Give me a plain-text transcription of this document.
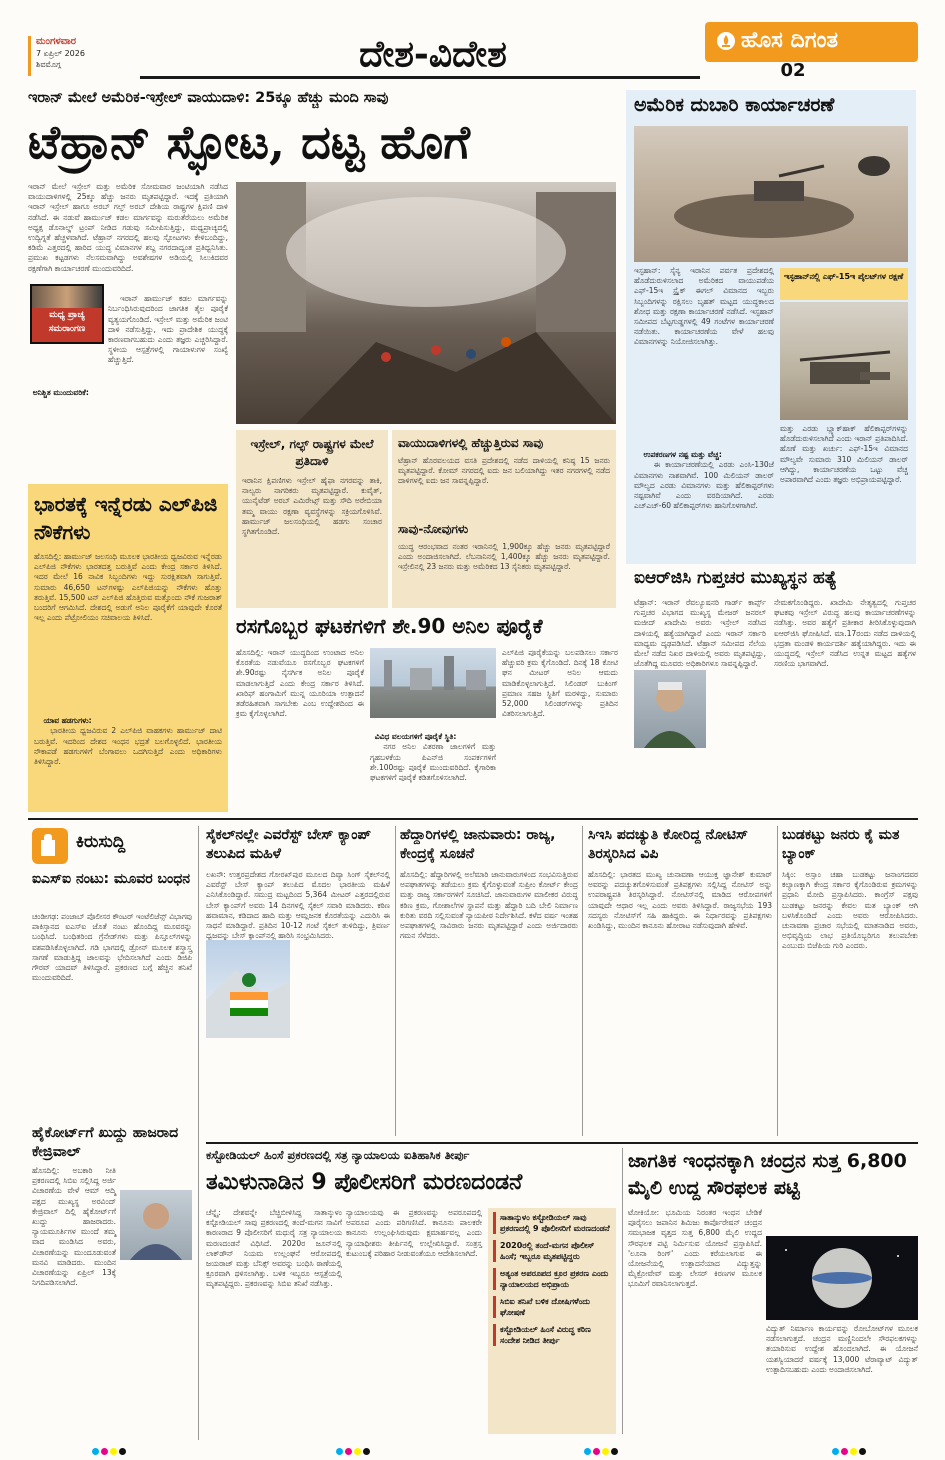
ಮಂಗಳವಾರ
7 ಏಪ್ರಿಲ್ 2026
ಶಿವಮೊಗ್ಗ	ದೇಶ-ವಿದೇಶ	ಹೊಸ ದಿಗಂತ
02
ಇರಾನ್ ಮೇಲೆ ಅಮೆರಿಕ-ಇಸ್ರೇಲ್ ವಾಯುದಾಳಿ: 25ಕ್ಕೂ ಹೆಚ್ಚು ಮಂದಿ ಸಾವು
ಟೆಹ್ರಾನ್ ಸ್ಫೋಟ, ದಟ್ಟ ಹೊಗೆ
ಇರಾನ್ ಮೇಲೆ ಇಸ್ರೇಲ್ ಮತ್ತು ಅಮೆರಿಕ ಸೋಮವಾರ ಜಂಟಿಯಾಗಿ ನಡೆಸಿದ ವಾಯುದಾಳಿಗಳಲ್ಲಿ 25ಕ್ಕೂ ಹೆಚ್ಚು ಜನರು ಮೃತಪಟ್ಟಿದ್ದಾರೆ. ಇದಕ್ಕೆ ಪ್ರತಿಯಾಗಿ ಇರಾನ್ ಇಸ್ರೇಲ್ ಹಾಗೂ ಅರಬ್ ಗಲ್ಫ್ ಅರಬ್ ದೇಶಿಯ ರಾಷ್ಟ್ರಗಳ ಕ್ಷಿಪಣಿ ದಾಳಿ ನಡೆಸಿದೆ. ಈ ನಡುವೆ ಹಾರ್ಮುಜ್ ಕಡಲ ಮಾರ್ಗವನ್ನು ಮರುತೆರೆಯಲು ಅಮೆರಿಕ ಅಧ್ಯಕ್ಷ ಡೊನಾಲ್ಡ್ ಟ್ರಂಪ್ ನೀಡಿದ ಗಡುವು ಸಮೀಪಿಸುತ್ತಿದ್ದು, ಮಧ್ಯಪ್ರಾಚ್ಯದಲ್ಲಿ ಉದ್ವಿಗ್ನತೆ ಹೆಚ್ಚಳವಾಗಿದೆ. ಟೆಹ್ರಾನ್ ನಗರದಲ್ಲಿ ಹಲವು ಸ್ಫೋಟಗಳು ಕೇಳಿಬಂದಿದ್ದು, ಕಡಿಮೆ ಎತ್ತರದಲ್ಲಿ ಹಾರಿದ ಯುದ್ಧ ವಿಮಾನಗಳ ಶಬ್ದ ನಗರದಾದ್ಯಂತ ಪ್ರತಿಧ್ವನಿಸಿತು. ಪ್ರಮುಖ ಕಟ್ಟಡಗಳು ನೆಲಸಮವಾಗಿದ್ದು ಅವಶೇಷಗಳ ಅಡಿಯಲ್ಲಿ ಸಿಲುಕಿದವರ ರಕ್ಷಣೆಗಾಗಿ ಕಾರ್ಯಾಚರಣೆ ಮುಂದುವರಿದಿದೆ.
ಮಧ್ಯ ಪ್ರಾಚ್ಯ
ಸಮರಾಂಗಣ

ಇರಾನ್ ಹಾರ್ಮುಜ್ ಕಡಲ ಮಾರ್ಗವನ್ನು ನಿರ್ಬಂಧಿಸಿರುವುದರಿಂದ ಜಾಗತಿಕ ತೈಲ ಪೂರೈಕೆ ವ್ಯತ್ಯಯಗೊಂಡಿದೆ. ಇಸ್ರೇಲ್ ಮತ್ತು ಅಮೆರಿಕ ಜಂಟಿ ದಾಳಿ ನಡೆಸುತ್ತಿದ್ದು, ಇದು ಪ್ರಾದೇಶಿಕ ಯುದ್ಧಕ್ಕೆ ಕಾರಣವಾಗಬಹುದು ಎಂದು ತಜ್ಞರು ಎಚ್ಚರಿಸಿದ್ದಾರೆ. ಸ್ಥಳೀಯ ಆಸ್ಪತ್ರೆಗಳಲ್ಲಿ ಗಾಯಾಳುಗಳ ಸಂಖ್ಯೆ ಹೆಚ್ಚುತ್ತಿದೆ.

ಅನಿಶ್ಚಿತ ಮುಂದುವರಿಕೆ:

ಭಾರತಕ್ಕೆ ಇನ್ನೆರಡು ಎಲ್‌ಪಿಜಿ ನೌಕೆಗಳು
ಹೊಸದಿಲ್ಲಿ: ಹಾರ್ಮುಜ್ ಜಲಸಂಧಿ ಮೂಲಕ ಭಾರತೀಯ ಧ್ವಜವಿರುವ ಇನ್ನೆರಡು ಎಲ್‌ಪಿಜಿ ನೌಕೆಗಳು ಭಾರತದತ್ತ ಬರುತ್ತಿವೆ ಎಂದು ಕೇಂದ್ರ ಸರ್ಕಾರ ತಿಳಿಸಿದೆ. ಇದರ ಮೇಲೆ 16 ನಾವಿಕ ಸಿಬ್ಬಂದಿಗಳು ಇದ್ದು ಸುರಕ್ಷಿತವಾಗಿ ಸಾಗುತ್ತಿವೆ. ಸುಮಾರು 46,650 ಟನ್‌ಗಳಷ್ಟು ಎಲ್‌ಪಿಜಿಯನ್ನು ನೌಕೆಗಳು ಹೊತ್ತು ತರುತ್ತಿವೆ. 15,500 ಟನ್ ಎಲ್‌ಪಿಜಿ ಹೊತ್ತಿರುವ ಮತ್ತೊಂದು ನೌಕೆ ಗುಜರಾತ್ ಬಂದರಿಗೆ ಆಗಮಿಸಿದೆ. ದೇಶದಲ್ಲಿ ಅಡುಗೆ ಅನಿಲ ಪೂರೈಕೆಗೆ ಯಾವುದೇ ಕೊರತೆ ಇಲ್ಲ ಎಂದು ಪೆಟ್ರೋಲಿಯಂ ಸಚಿವಾಲಯ ತಿಳಿಸಿದೆ.

ಯಾವ ಹಡಗುಗಳು:
ಭಾರತೀಯ ಧ್ವಜವಿರುವ 2 ಎಲ್‌ಪಿಜಿ ವಾಹಕಗಳು ಹಾರ್ಮುಜ್ ದಾಟಿ ಬರುತ್ತಿವೆ. ಇದರಿಂದ ದೇಶದ ಇಂಧನ ಭದ್ರತೆ ಬಲಗೊಳ್ಳಲಿದೆ. ಭಾರತೀಯ ನೌಕಾಪಡೆ ಹಡಗುಗಳಿಗೆ ಬೆಂಗಾವಲು ಒದಗಿಸುತ್ತಿದೆ ಎಂದು ಅಧಿಕಾರಿಗಳು ತಿಳಿಸಿದ್ದಾರೆ.

ಇಸ್ರೇಲ್, ಗಲ್ಫ್ ರಾಷ್ಟ್ರಗಳ ಮೇಲೆ ಪ್ರತಿದಾಳಿ
ಇರಾನಿನ ಕ್ಷಿಪಣಿಗಳು ಇಸ್ರೇಲ್ ಹೈಫಾ ನಗರವನ್ನು ತಾಕಿ, ನಾಲ್ವರು ನಾಗರಿಕರು ಮೃತಪಟ್ಟಿದ್ದಾರೆ. ಕುವೈತ್, ಯುನೈಟೆಡ್ ಅರಬ್ ಎಮಿರೇಟ್ಸ್ ಮತ್ತು ಸೌದಿ ಅರೇಬಿಯಾ ತಮ್ಮ ವಾಯು ರಕ್ಷಣಾ ವ್ಯವಸ್ಥೆಗಳನ್ನು ಸಕ್ರಿಯಗೊಳಿಸಿವೆ. ಹಾರ್ಮುಜ್ ಜಲಸಂಧಿಯಲ್ಲಿ ಹಡಗು ಸಂಚಾರ ಸ್ಥಗಿತಗೊಂಡಿದೆ.
ವಾಯುದಾಳಿಗಳಲ್ಲಿ ಹೆಚ್ಚುತ್ತಿರುವ ಸಾವು
ಟೆಹ್ರಾನ್ ಹೊರವಲಯದ ವಸತಿ ಪ್ರದೇಶದಲ್ಲಿ ನಡೆದ ದಾಳಿಯಲ್ಲಿ ಕನಿಷ್ಠ 15 ಜನರು ಮೃತಪಟ್ಟಿದ್ದಾರೆ. ಕೋಮ್ ನಗರದಲ್ಲಿ ಐದು ಜನ ಬಲಿಯಾಗಿದ್ದು ಇತರ ನಗರಗಳಲ್ಲಿ ನಡೆದ ದಾಳಿಗಳಲ್ಲಿ ಐದು ಜನ ಸಾವನ್ನಪ್ಪಿದ್ದಾರೆ.
ಸಾವು-ನೋವುಗಳು
ಯುದ್ಧ ಆರಂಭವಾದ ನಂತರ ಇರಾನಿನಲ್ಲಿ 1,900ಕ್ಕೂ ಹೆಚ್ಚು ಜನರು ಮೃತಪಟ್ಟಿದ್ದಾರೆ ಎಂದು ಅಂದಾಜಿಸಲಾಗಿದೆ. ಲೆಬನಾನಿನಲ್ಲಿ 1,400ಕ್ಕೂ ಹೆಚ್ಚು ಜನರು ಮೃತಪಟ್ಟಿದ್ದಾರೆ. ಇಸ್ರೇಲಿನಲ್ಲಿ 23 ಜನರು ಮತ್ತು ಅಮೆರಿಕದ 13 ಸೈನಿಕರು ಮೃತಪಟ್ಟಿದ್ದಾರೆ.
ರಸಗೊಬ್ಬರ ಘಟಕಗಳಿಗೆ ಶೇ.90 ಅನಿಲ ಪೂರೈಕೆ
ಹೊಸದಿಲ್ಲಿ: ಇರಾನ್ ಯುದ್ಧದಿಂದ ಉಂಟಾದ ಅನಿಲ ಕೊರತೆಯ ನಡುವೆಯೂ ರಸಗೊಬ್ಬರ ಘಟಕಗಳಿಗೆ ಶೇ.90ರಷ್ಟು ನೈಸರ್ಗಿಕ ಅನಿಲ ಪೂರೈಕೆ ಮಾಡಲಾಗುತ್ತಿದೆ ಎಂದು ಕೇಂದ್ರ ಸರ್ಕಾರ ತಿಳಿಸಿದೆ. ಖಾರಿಫ್ ಹಂಗಾಮಿಗೆ ಮುನ್ನ ಯೂರಿಯಾ ಉತ್ಪಾದನೆ ತಡೆರಹಿತವಾಗಿ ಸಾಗಬೇಕು ಎಂಬ ಉದ್ದೇಶದಿಂದ ಈ ಕ್ರಮ ಕೈಗೊಳ್ಳಲಾಗಿದೆ.

ವಿವಿಧ ವಲಯಗಳಿಗೆ ಪೂರೈಕೆ ಸ್ಥಿತಿ:
ನಗರ ಅನಿಲ ವಿತರಣಾ ಜಾಲಗಳಿಗೆ ಮತ್ತು ಗೃಹಬಳಕೆಯ ಪಿಎನ್‌ಜಿ ಸಂಪರ್ಕಗಳಿಗೆ ಶೇ.100ರಷ್ಟು ಪೂರೈಕೆ ಮುಂದುವರಿದಿದೆ. ಕೈಗಾರಿಕಾ ಘಟಕಗಳಿಗೆ ಪೂರೈಕೆ ಕಡಿತಗೊಳಿಸಲಾಗಿದೆ.

ಎಲ್‌ಪಿಜಿ ಪೂರೈಕೆಯನ್ನು ಬಲಪಡಿಸಲು ಸರ್ಕಾರ ಹೆಚ್ಚುವರಿ ಕ್ರಮ ಕೈಗೊಂಡಿದೆ. ದಿನಕ್ಕೆ 18 ಕೋಟಿ ಘನ ಮೀಟರ್ ಅನಿಲ ಆಮದು ಮಾಡಿಕೊಳ್ಳಲಾಗುತ್ತಿದೆ. ಸಿಲಿಂಡರ್ ಬುಕಿಂಗ್ ಪ್ರಮಾಣ ಸಹಜ ಸ್ಥಿತಿಗೆ ಮರಳಿದ್ದು, ಸುಮಾರು 52,000 ಸಿಲಿಂಡರ್‌ಗಳನ್ನು ಪ್ರತಿದಿನ ವಿತರಿಸಲಾಗುತ್ತಿದೆ.
ಅಮೆರಿಕ ದುಬಾರಿ ಕಾರ್ಯಾಚರಣೆ
ಇಸ್ಫಹಾನ್: ಸೈನ್ಯ ಇರಾನಿನ ಪರ್ವತ ಪ್ರದೇಶದಲ್ಲಿ ಹೊಡೆದುರುಳಿಸಲಾದ ಅಮೆರಿಕದ ವಾಯುಪಡೆಯ ಎಫ್-15ಇ ಸ್ಟ್ರೈಕ್ ಈಗಲ್ ವಿಮಾನದ ಇಬ್ಬರು ಸಿಬ್ಬಂದಿಗಳನ್ನು ರಕ್ಷಿಸಲು ಬೃಹತ್ ಮಟ್ಟದ ಯುದ್ಧಕಾಲದ ಶೋಧ ಮತ್ತು ರಕ್ಷಣಾ ಕಾರ್ಯಾಚರಣೆ ನಡೆಸಿದೆ. ಇಸ್ಫಹಾನ್ ಸಮೀಪದ ಬೆಟ್ಟಗುಡ್ಡಗಳಲ್ಲಿ 49 ಗಂಟೆಗಳ ಕಾರ್ಯಾಚರಣೆ ನಡೆಯಿತು. ಕಾರ್ಯಾಚರಣೆಯ ವೇಳೆ ಹಲವು ವಿಮಾನಗಳನ್ನು ನಿಯೋಜಿಸಲಾಗಿತ್ತು.
ಇಸ್ಫಹಾನ್‌ನಲ್ಲಿ ಎಫ್-15ಇ ಪೈಲಟ್‌ಗಳ ರಕ್ಷಣೆ

ಉಪಕರಣಗಳ ನಷ್ಟ ಮತ್ತು ವೆಚ್ಚ:
ಈ ಕಾರ್ಯಾಚರಣೆಯಲ್ಲಿ ಎರಡು ಎಂಸಿ-130ಜೆ ವಿಮಾನಗಳು ನಾಶವಾಗಿವೆ. 100 ಮಿಲಿಯನ್ ಡಾಲರ್ ಮೌಲ್ಯದ ಎರಡು ವಿಮಾನಗಳು ಮತ್ತು ಹೆಲಿಕಾಪ್ಟರ್‌ಗಳು ನಷ್ಟವಾಗಿವೆ ಎಂದು ವರದಿಯಾಗಿದೆ. ಎರಡು ಎಚ್‌ಎಚ್-60 ಹೆಲಿಕಾಪ್ಟರ್‌ಗಳು ಹಾನಿಗೊಳಗಾಗಿವೆ.

ಮತ್ತು ಎರಡು ಬ್ಲ್ಯಾಕ್‌ಹಾಕ್ ಹೆಲಿಕಾಪ್ಟರ್‌ಗಳನ್ನು ಹೊಡೆದುರುಳಿಸಲಾಗಿದೆ ಎಂದು ಇರಾನ್ ಪ್ರತಿಪಾದಿಸಿದೆ. ಹೊಣೆ ಮತ್ತು ಖರ್ಚು: ಎಫ್-15ಇ ವಿಮಾನದ ಮೌಲ್ಯವೇ ಸುಮಾರು 310 ಮಿಲಿಯನ್ ಡಾಲರ್ ಆಗಿದ್ದು, ಕಾರ್ಯಾಚರಣೆಯ ಒಟ್ಟು ವೆಚ್ಚ ಅಪಾರವಾಗಿದೆ ಎಂದು ತಜ್ಞರು ಅಭಿಪ್ರಾಯಪಟ್ಟಿದ್ದಾರೆ.
ಐಆರ್‌ಜಿಸಿ ಗುಪ್ತಚರ ಮುಖ್ಯಸ್ಥನ ಹತ್ಯೆ
ಟೆಹ್ರಾನ್: ಇರಾನ್ ರೆವಲ್ಯೂಷನರಿ ಗಾರ್ಡ್ ಕಾರ್ಪ್ಸ್ ಗುಪ್ತಚರ ವಿಭಾಗದ ಮುಖ್ಯಸ್ಥ ಮೇಜರ್ ಜನರಲ್ ಮಜೀದ್ ಖಾದೇಮಿ ಅವರು ಇಸ್ರೇಲ್ ನಡೆಸಿದ ದಾಳಿಯಲ್ಲಿ ಹತ್ಯೆಯಾಗಿದ್ದಾರೆ ಎಂದು ಇರಾನ್ ಸರ್ಕಾರಿ ಮಾಧ್ಯಮ ದೃಢಪಡಿಸಿದೆ. ಟೆಹ್ರಾನ್ ಸಮೀಪದ ನೆಲೆಯ ಮೇಲೆ ನಡೆದ ನಿಖರ ದಾಳಿಯಲ್ಲಿ ಅವರು ಮೃತಪಟ್ಟಿದ್ದು, ಜೊತೆಗಿದ್ದ ಮೂವರು ಅಧಿಕಾರಿಗಳೂ ಸಾವನ್ನಪ್ಪಿದ್ದಾರೆ.
ನೇಮಕಗೊಂಡಿದ್ದರು. ಖಾದೇಮಿ ನೇತೃತ್ವದಲ್ಲಿ ಗುಪ್ತಚರ ಘಟಕವು ಇಸ್ರೇಲ್ ವಿರುದ್ಧ ಹಲವು ಕಾರ್ಯಾಚರಣೆಗಳನ್ನು ನಡೆಸಿತ್ತು. ಅವರ ಹತ್ಯೆಗೆ ಪ್ರತೀಕಾರ ತೀರಿಸಿಕೊಳ್ಳುವುದಾಗಿ ಐಆರ್‌ಜಿಸಿ ಘೋಷಿಸಿದೆ. ಮಾ.17ರಂದು ನಡೆದ ದಾಳಿಯಲ್ಲಿ ಭದ್ರತಾ ಮಂಡಳಿ ಕಾರ್ಯದರ್ಶಿ ಹತ್ಯೆಯಾಗಿದ್ದರು. ಇದು ಈ ಯುದ್ಧದಲ್ಲಿ ಇಸ್ರೇಲ್ ನಡೆಸಿದ ಉನ್ನತ ಮಟ್ಟದ ಹತ್ಯೆಗಳ ಸರಣಿಯ ಭಾಗವಾಗಿದೆ.
ಕಿರುಸುದ್ದಿ
ಐಎಸ್‌ಐ ನಂಟು: ಮೂವರ ಬಂಧನ
ಚಂಡೀಗಢ: ಪಂಜಾಬ್ ಪೊಲೀಸರ ಕೌಂಟರ್ ಇಂಟೆಲಿಜೆನ್ಸ್ ವಿಭಾಗವು ಪಾಕಿಸ್ತಾನದ ಐಎಸ್‌ಐ ಜೊತೆ ನಂಟು ಹೊಂದಿದ್ದ ಮೂವರನ್ನು ಬಂಧಿಸಿದೆ. ಬಂಧಿತರಿಂದ ಗ್ರೆನೇಡ್‌ಗಳು ಮತ್ತು ಪಿಸ್ತೂಲ್‌ಗಳನ್ನು ವಶಪಡಿಸಿಕೊಳ್ಳಲಾಗಿದೆ. ಗಡಿ ಭಾಗದಲ್ಲಿ ಡ್ರೋನ್ ಮೂಲಕ ಶಸ್ತ್ರಾಸ್ತ್ರ ಸಾಗಣೆ ಮಾಡುತ್ತಿದ್ದ ಜಾಲವನ್ನು ಭೇದಿಸಲಾಗಿದೆ ಎಂದು ಡಿಜಿಪಿ ಗೌರವ್ ಯಾದವ್ ತಿಳಿಸಿದ್ದಾರೆ. ಪ್ರಕರಣದ ಬಗ್ಗೆ ಹೆಚ್ಚಿನ ತನಿಖೆ ಮುಂದುವರಿದಿದೆ.
ಹೈಕೋರ್ಟ್‌ಗೆ ಖುದ್ದು ಹಾಜರಾದ ಕೇಜ್ರಿವಾಲ್
ಹೊಸದಿಲ್ಲಿ: ಅಬಕಾರಿ ನೀತಿ ಪ್ರಕರಣದಲ್ಲಿ ಸಿಬಿಐ ಸಲ್ಲಿಸಿದ್ದ ಅರ್ಜಿ ವಿಚಾರಣೆಯ ವೇಳೆ ಆಮ್ ಆದ್ಮಿ ಪಕ್ಷದ ಮುಖ್ಯಸ್ಥ ಅರವಿಂದ್ ಕೇಜ್ರಿವಾಲ್ ದಿಲ್ಲಿ ಹೈಕೋರ್ಟ್‌ಗೆ ಖುದ್ದು ಹಾಜರಾದರು. ನ್ಯಾಯಮೂರ್ತಿಗಳ ಮುಂದೆ ತಮ್ಮ ವಾದ ಮಂಡಿಸಿದ ಅವರು, ವಿಚಾರಣೆಯನ್ನು ಮುಂದೂಡುವಂತೆ ಮನವಿ ಮಾಡಿದರು. ಮುಂದಿನ ವಿಚಾರಣೆಯನ್ನು ಏಪ್ರಿಲ್ 13ಕ್ಕೆ ನಿಗದಿಪಡಿಸಲಾಗಿದೆ.
ಸೈಕಲ್‌ನಲ್ಲೇ ಎವರೆಸ್ಟ್ ಬೇಸ್ ಕ್ಯಾಂಪ್ ತಲುಪಿದ ಮಹಿಳೆ
ಲಖನೌ: ಉತ್ತರಪ್ರದೇಶದ ಗೋರಖ್‌ಪುರ ಮೂಲದ ದಿವ್ಯಾ ಸಿಂಗ್ ಸೈಕಲ್‌ನಲ್ಲಿ ಎವರೆಸ್ಟ್ ಬೇಸ್ ಕ್ಯಾಂಪ್ ತಲುಪಿದ ಮೊದಲ ಭಾರತೀಯ ಮಹಿಳೆ ಎನಿಸಿಕೊಂಡಿದ್ದಾರೆ. ಸಮುದ್ರ ಮಟ್ಟದಿಂದ 5,364 ಮೀಟರ್ ಎತ್ತರದಲ್ಲಿರುವ ಬೇಸ್ ಕ್ಯಾಂಪ್‌ಗೆ ಅವರು 14 ದಿನಗಳಲ್ಲಿ ಸೈಕಲ್ ಸವಾರಿ ಮಾಡಿದರು. ಕಠಿಣ ಹವಾಮಾನ, ಕಡಿದಾದ ಹಾದಿ ಮತ್ತು ಆಮ್ಲಜನಕ ಕೊರತೆಯನ್ನು ಎದುರಿಸಿ ಈ ಸಾಧನೆ ಮಾಡಿದ್ದಾರೆ. ಪ್ರತಿದಿನ 10-12 ಗಂಟೆ ಸೈಕಲ್ ತುಳಿದಿದ್ದು, ತ್ರಿವರ್ಣ ಧ್ವಜವನ್ನು ಬೇಸ್ ಕ್ಯಾಂಪ್‌ನಲ್ಲಿ ಹಾರಿಸಿ ಸಂಭ್ರಮಿಸಿದರು.
ಹೆದ್ದಾರಿಗಳಲ್ಲಿ ಜಾನುವಾರು: ರಾಜ್ಯ, ಕೇಂದ್ರಕ್ಕೆ ಸೂಚನೆ
ಹೊಸದಿಲ್ಲಿ: ಹೆದ್ದಾರಿಗಳಲ್ಲಿ ಅಲೆಮಾರಿ ಜಾನುವಾರುಗಳಿಂದ ಸಂಭವಿಸುತ್ತಿರುವ ಅಪಘಾತಗಳನ್ನು ತಡೆಯಲು ಕ್ರಮ ಕೈಗೊಳ್ಳುವಂತೆ ಸುಪ್ರೀಂ ಕೋರ್ಟ್ ಕೇಂದ್ರ ಮತ್ತು ರಾಜ್ಯ ಸರ್ಕಾರಗಳಿಗೆ ಸೂಚಿಸಿದೆ. ಜಾನುವಾರುಗಳ ಮಾಲೀಕರ ವಿರುದ್ಧ ಕಠಿಣ ಕ್ರಮ, ಗೋಶಾಲೆಗಳ ಸ್ಥಾಪನೆ ಮತ್ತು ಹೆದ್ದಾರಿ ಬದಿ ಬೇಲಿ ನಿರ್ಮಾಣ ಕುರಿತು ವರದಿ ಸಲ್ಲಿಸುವಂತೆ ನ್ಯಾಯಪೀಠ ನಿರ್ದೇಶಿಸಿದೆ. ಕಳೆದ ವರ್ಷ ಇಂತಹ ಅಪಘಾತಗಳಲ್ಲಿ ಸಾವಿರಾರು ಜನರು ಮೃತಪಟ್ಟಿದ್ದಾರೆ ಎಂದು ಅರ್ಜಿದಾರರು ಗಮನ ಸೆಳೆದರು.
ಸಿಇಸಿ ಪದಚ್ಯುತಿ ಕೋರಿದ್ದ ನೋಟಿಸ್ ತಿರಸ್ಕರಿಸಿದ ವಿಪಿ
ಹೊಸದಿಲ್ಲಿ: ಭಾರತದ ಮುಖ್ಯ ಚುನಾವಣಾ ಆಯುಕ್ತ ಜ್ಞಾನೇಶ್ ಕುಮಾರ್ ಅವರನ್ನು ಪದಚ್ಯುತಗೊಳಿಸುವಂತೆ ಪ್ರತಿಪಕ್ಷಗಳು ಸಲ್ಲಿಸಿದ್ದ ನೋಟಿಸ್ ಅನ್ನು ಉಪರಾಷ್ಟ್ರಪತಿ ತಿರಸ್ಕರಿಸಿದ್ದಾರೆ. ನೋಟಿಸ್‌ನಲ್ಲಿ ಮಾಡಿದ ಆರೋಪಗಳಿಗೆ ಯಾವುದೇ ಆಧಾರ ಇಲ್ಲ ಎಂದು ಅವರು ತಿಳಿಸಿದ್ದಾರೆ. ರಾಜ್ಯಸಭೆಯ 193 ಸದಸ್ಯರು ನೋಟಿಸ್‌ಗೆ ಸಹಿ ಹಾಕಿದ್ದರು. ಈ ನಿರ್ಧಾರವನ್ನು ಪ್ರತಿಪಕ್ಷಗಳು ಖಂಡಿಸಿದ್ದು, ಮುಂದಿನ ಕಾನೂನು ಹೋರಾಟ ನಡೆಸುವುದಾಗಿ ಹೇಳಿವೆ.
ಬುಡಕಟ್ಟು ಜನರು ಕೈ ಮತ ಬ್ಯಾಂಕ್
ಸಿಕ್ಕಿಂ: ಅಸ್ಸಾಂ ಚಹಾ ಬುಡಕಟ್ಟು ಜನಾಂಗದವರ ಕಲ್ಯಾಣಕ್ಕಾಗಿ ಕೇಂದ್ರ ಸರ್ಕಾರ ಕೈಗೊಂಡಿರುವ ಕ್ರಮಗಳನ್ನು ಪ್ರಧಾನಿ ಮೋದಿ ಪ್ರಸ್ತಾಪಿಸಿದರು. ಕಾಂಗ್ರೆಸ್ ಪಕ್ಷವು ಬುಡಕಟ್ಟು ಜನರನ್ನು ಕೇವಲ ಮತ ಬ್ಯಾಂಕ್ ಆಗಿ ಬಳಸಿಕೊಂಡಿದೆ ಎಂದು ಅವರು ಆರೋಪಿಸಿದರು. ಚುನಾವಣಾ ಪ್ರಚಾರ ಸಭೆಯಲ್ಲಿ ಮಾತನಾಡಿದ ಅವರು, ಅಭಿವೃದ್ಧಿಯ ಲಾಭ ಪ್ರತಿಯೊಬ್ಬರಿಗೂ ತಲುಪಬೇಕು ಎಂಬುದು ಬಿಜೆಪಿಯ ಗುರಿ ಎಂದರು.
ಕಸ್ಟೋಡಿಯಲ್ ಹಿಂಸೆ ಪ್ರಕರಣದಲ್ಲಿ ಸತ್ರ ನ್ಯಾಯಾಲಯ ಐತಿಹಾಸಿಕ ತೀರ್ಪು
ತಮಿಳುನಾಡಿನ 9 ಪೊಲೀಸರಿಗೆ ಮರಣದಂಡನೆ
ಚೆನ್ನೈ: ದೇಶವನ್ನೇ ಬೆಚ್ಚಿಬೀಳಿಸಿದ್ದ ಸಾತಾನ್ಕುಳಂ ಕಸ್ಟೋಡಿಯಲ್ ಸಾವು ಪ್ರಕರಣದಲ್ಲಿ ತಂದೆ-ಮಗನ ಸಾವಿಗೆ ಕಾರಣರಾದ 9 ಪೊಲೀಸರಿಗೆ ಮಧುರೈ ಸತ್ರ ನ್ಯಾಯಾಲಯ ಮರಣದಂಡನೆ ವಿಧಿಸಿದೆ. 2020ರ ಜೂನ್‌ನಲ್ಲಿ ಲಾಕ್‌ಡೌನ್ ನಿಯಮ ಉಲ್ಲಂಘನೆ ಆರೋಪದಲ್ಲಿ ಜಯರಾಜ್ ಮತ್ತು ಬೆನಿಕ್ಸ್ ಅವರನ್ನು ಬಂಧಿಸಿ ಠಾಣೆಯಲ್ಲಿ ಕ್ರೂರವಾಗಿ ಥಳಿಸಲಾಗಿತ್ತು. ಬಳಿಕ ಇಬ್ಬರೂ ಆಸ್ಪತ್ರೆಯಲ್ಲಿ ಮೃತಪಟ್ಟಿದ್ದರು. ಪ್ರಕರಣವನ್ನು ಸಿಬಿಐ ತನಿಖೆ ನಡೆಸಿತ್ತು.
ನ್ಯಾಯಾಲಯವು ಈ ಪ್ರಕರಣವನ್ನು ಅಪರೂಪದಲ್ಲಿ ಅಪರೂಪ ಎಂದು ಪರಿಗಣಿಸಿದೆ. ಕಾನೂನು ಪಾಲಕರೇ ಕಾನೂನು ಉಲ್ಲಂಘಿಸಿರುವುದು ಕ್ಷಮಾರ್ಹವಲ್ಲ ಎಂದು ನ್ಯಾಯಾಧೀಶರು ತೀರ್ಪಿನಲ್ಲಿ ಉಲ್ಲೇಖಿಸಿದ್ದಾರೆ. ಸಂತ್ರಸ್ತ ಕುಟುಂಬಕ್ಕೆ ಪರಿಹಾರ ನೀಡುವಂತೆಯೂ ಆದೇಶಿಸಲಾಗಿದೆ.
ಸಾತಾನ್ಕುಳಂ ಕಸ್ಟೋಡಿಯಲ್ ಸಾವು ಪ್ರಕರಣದಲ್ಲಿ 9 ಪೊಲೀಸರಿಗೆ ಮರಣದಂಡನೆ
2020ರಲ್ಲಿ ತಂದೆ-ಮಗನ ಪೊಲೀಸ್ ಹಿಂಸೆ; ಇಬ್ಬರೂ ಮೃತಪಟ್ಟಿದ್ದರು
ಅತ್ಯಂತ ಅಪರೂಪದ ಕ್ರೂರ ಪ್ರಕರಣ ಎಂದು ನ್ಯಾಯಾಲಯದ ಅಭಿಪ್ರಾಯ
ಸಿಬಿಐ ತನಿಖೆ ಬಳಿಕ ದೋಷಿಗಳೆಂದು ಘೋಷಣೆ
ಕಸ್ಟೋಡಿಯಲ್ ಹಿಂಸೆ ವಿರುದ್ಧ ಕಠಿಣ ಸಂದೇಶ ನೀಡಿದ ತೀರ್ಪು
ಜಾಗತಿಕ ಇಂಧನಕ್ಕಾಗಿ ಚಂದ್ರನ ಸುತ್ತ 6,800 ಮೈಲಿ ಉದ್ದ ಸೌರಫಲಕ ಪಟ್ಟಿ
ಟೋಕಿಯೋ: ಭೂಮಿಯ ನಿರಂತರ ಇಂಧನ ಬೇಡಿಕೆ ಪೂರೈಸಲು ಜಪಾನಿನ ಶಿಮಿಜು ಕಾರ್ಪೊರೇಷನ್ ಚಂದ್ರನ ಸಮಭಾಜಕ ವೃತ್ತದ ಸುತ್ತ 6,800 ಮೈಲಿ ಉದ್ದದ ಸೌರಫಲಕ ಪಟ್ಟಿ ನಿರ್ಮಿಸುವ ಯೋಜನೆ ಪ್ರಸ್ತಾಪಿಸಿದೆ. 'ಲೂನಾ ರಿಂಗ್' ಎಂದು ಕರೆಯಲಾಗುವ ಈ ಯೋಜನೆಯಲ್ಲಿ ಉತ್ಪಾದನೆಯಾದ ವಿದ್ಯುತ್ತನ್ನು ಮೈಕ್ರೋವೇವ್ ಮತ್ತು ಲೇಸರ್ ಕಿರಣಗಳ ಮೂಲಕ ಭೂಮಿಗೆ ರವಾನಿಸಲಾಗುತ್ತದೆ.
ವಿದ್ಯುತ್ ನಿರ್ಮಾಣ ಕಾರ್ಯವನ್ನು ರೋಬೋಟ್‌ಗಳ ಮೂಲಕ ನಡೆಸಲಾಗುತ್ತದೆ. ಚಂದ್ರನ ಮಣ್ಣಿನಿಂದಲೇ ಸೌರಫಲಕಗಳನ್ನು ತಯಾರಿಸುವ ಉದ್ದೇಶ ಹೊಂದಲಾಗಿದೆ. ಈ ಯೋಜನೆ ಯಶಸ್ವಿಯಾದರೆ ವರ್ಷಕ್ಕೆ 13,000 ಟೆರಾವ್ಯಾಟ್ ವಿದ್ಯುತ್ ಉತ್ಪಾದಿಸಬಹುದು ಎಂದು ಅಂದಾಜಿಸಲಾಗಿದೆ.
